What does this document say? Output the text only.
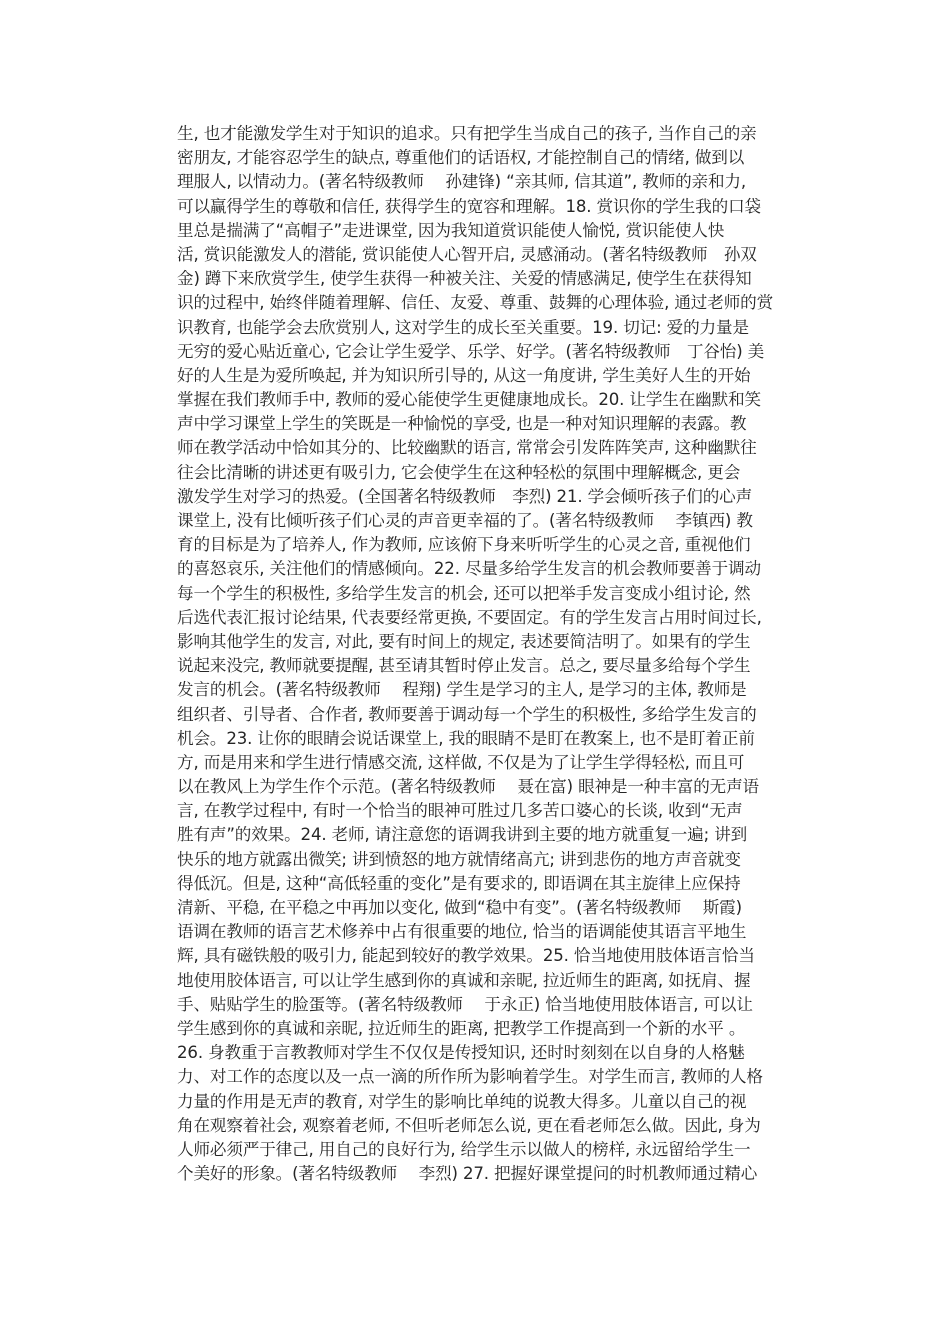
生, 也才能激发学生对于知识的追求。只有把学生当成自己的孩子, 当作自己的亲
密朋友, 才能容忍学生的缺点, 尊重他们的话语权, 才能控制自己的情绪, 做到以
理服人, 以情动力。(著名特级教师　 孙建锋) “亲其师, 信其道”, 教师的亲和力,
可以赢得学生的尊敬和信任, 获得学生的宽容和理解。18. 赏识你的学生我的口袋
里总是揣满了“高帽子”走进课堂, 因为我知道赏识能使人愉悦, 赏识能使人快
活, 赏识能激发人的潜能, 赏识能使人心智开启, 灵感涌动。(著名特级教师　孙双
金) 蹲下来欣赏学生, 使学生获得一种被关注、关爱的情感满足, 使学生在获得知
识的过程中, 始终伴随着理解、信任、友爱、尊重、鼓舞的心理体验, 通过老师的赏
识教育, 也能学会去欣赏别人, 这对学生的成长至关重要。19. 切记: 爱的力量是
无穷的爱心贴近童心, 它会让学生爱学、乐学、好学。(著名特级教师　丁谷怡) 美
好的人生是为爱所唤起, 并为知识所引导的, 从这一角度讲, 学生美好人生的开始
掌握在我们教师手中, 教师的爱心能使学生更健康地成长。20. 让学生在幽默和笑
声中学习课堂上学生的笑既是一种愉悦的享受, 也是一种对知识理解的表露。教
师在教学活动中恰如其分的、比较幽默的语言, 常常会引发阵阵笑声, 这种幽默往
往会比清晰的讲述更有吸引力, 它会使学生在这种轻松的氛围中理解概念, 更会
激发学生对学习的热爱。(全国著名特级教师　李烈) 21. 学会倾听孩子们的心声
课堂上, 没有比倾听孩子们心灵的声音更幸福的了。(著名特级教师　 李镇西) 教
育的目标是为了培养人, 作为教师, 应该俯下身来听听学生的心灵之音, 重视他们
的喜怒哀乐, 关注他们的情感倾向。22. 尽量多给学生发言的机会教师要善于调动
每一个学生的积极性, 多给学生发言的机会, 还可以把举手发言变成小组讨论, 然
后选代表汇报讨论结果, 代表要经常更换, 不要固定。有的学生发言占用时间过长,
影响其他学生的发言, 对此, 要有时间上的规定, 表述要简洁明了。如果有的学生
说起来没完, 教师就要提醒, 甚至请其暂时停止发言。总之, 要尽量多给每个学生
发言的机会。(著名特级教师　 程翔) 学生是学习的主人, 是学习的主体, 教师是
组织者、引导者、合作者, 教师要善于调动每一个学生的积极性, 多给学生发言的
机会。23. 让你的眼睛会说话课堂上, 我的眼睛不是盯在教案上, 也不是盯着正前
方, 而是用来和学生进行情感交流, 这样做, 不仅是为了让学生学得轻松, 而且可
以在教风上为学生作个示范。(著名特级教师　 聂在富) 眼神是一种丰富的无声语
言, 在教学过程中, 有时一个恰当的眼神可胜过几多苦口婆心的长谈, 收到“无声
胜有声”的效果。24. 老师, 请注意您的语调我讲到主要的地方就重复一遍; 讲到
快乐的地方就露出微笑; 讲到愤怒的地方就情绪高亢; 讲到悲伤的地方声音就变
得低沉。但是, 这种“高低轻重的变化”是有要求的, 即语调在其主旋律上应保持
清新、平稳, 在平稳之中再加以变化, 做到“稳中有变”。(著名特级教师　 斯霞)
语调在教师的语言艺术修养中占有很重要的地位, 恰当的语调能使其语言平地生
辉, 具有磁铁般的吸引力, 能起到较好的教学效果。25. 恰当地使用肢体语言恰当
地使用胶体语言, 可以让学生感到你的真诚和亲昵, 拉近师生的距离, 如抚肩、握
手、贴贴学生的脸蛋等。(著名特级教师　 于永正) 恰当地使用肢体语言, 可以让
学生感到你的真诚和亲昵, 拉近师生的距离, 把教学工作提高到一个新的水平 。
26. 身教重于言教教师对学生不仅仅是传授知识, 还时时刻刻在以自身的人格魅
力、对工作的态度以及一点一滴的所作所为影响着学生。对学生而言, 教师的人格
力量的作用是无声的教育, 对学生的影响比单纯的说教大得多。儿童以自己的视
角在观察着社会, 观察着老师, 不但听老师怎么说, 更在看老师怎么做。因此, 身为
人师必须严于律己, 用自己的良好行为, 给学生示以做人的榜样, 永远留给学生一
个美好的形象。(著名特级教师　 李烈) 27. 把握好课堂提问的时机教师通过精心
